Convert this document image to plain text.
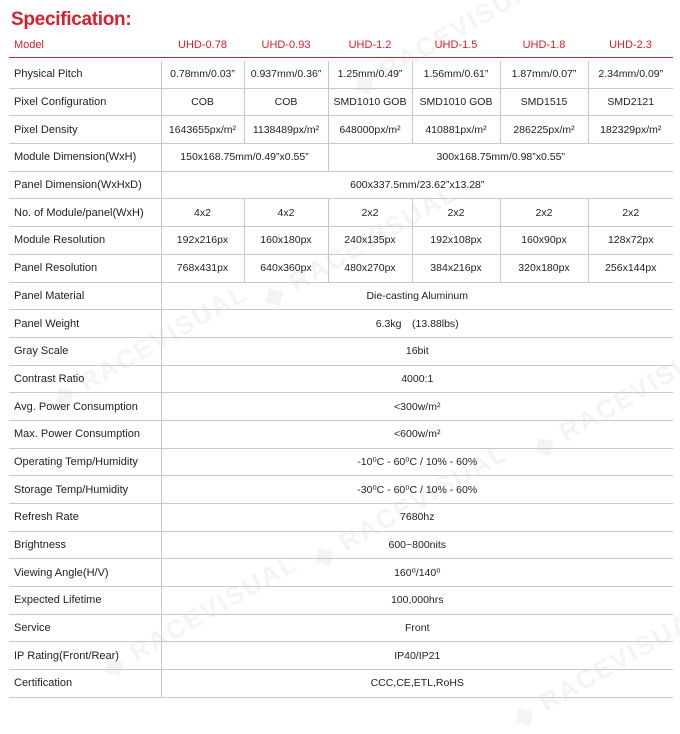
Specification:
Model	UHD-0.78	UHD-0.93	UHD-1.2	UHD-1.5	UHD-1.8	UHD-2.3
Physical Pitch	0.78mm/0.03”	0.937mm/0.36”	1.25mm/0.49”	1.56mm/0.61”	1.87mm/0.07”	2.34mm/0.09”
Pixel Configuration	COB	COB	SMD1010 GOB	SMD1010 GOB	SMD1515	SMD2121
Pixel Density	1643655px/m²	1138489px/m²	648000px/m²	410881px/m²	286225px/m²	182329px/m²
Module Dimension(WxH)	150x168.75mm/0.49”x0.55”		300x168.75mm/0.98”x0.55”			
Panel Dimension(WxHxD)	600x337.5mm/23.62”x13.28”					
No. of Module/panel(WxH)	4x2	4x2	2x2	2x2	2x2	2x2
Module Resolution	192x216px	160x180px	240x135px	192x108px	160x90px	128x72px
Panel Resolution	768x431px	640x360px	480x270px	384x216px	320x180px	256x144px
Panel Material	Die-casting Aluminum					
Panel Weight	6.3kg　(13.88lbs)					
Gray Scale	16bit					
Contrast Ratio	4000:1					
Avg. Power Consumption	<300w/m²					
Max. Power Consumption	<600w/m²					
Operating Temp/Humidity	-10⁰C - 60⁰C / 10% - 60%					
Storage Temp/Humidity	-30⁰C - 60⁰C / 10% - 60%					
Refresh Rate	7680hz					
Brightness	600~800nits					
Viewing Angle(H/V)	160⁰/140⁰					
Expected Lifetime	100,000hrs					
Service	Front					
IP Rating(Front/Rear)	IP40/IP21					
Certification	CCC,CE,ETL,RoHS					
